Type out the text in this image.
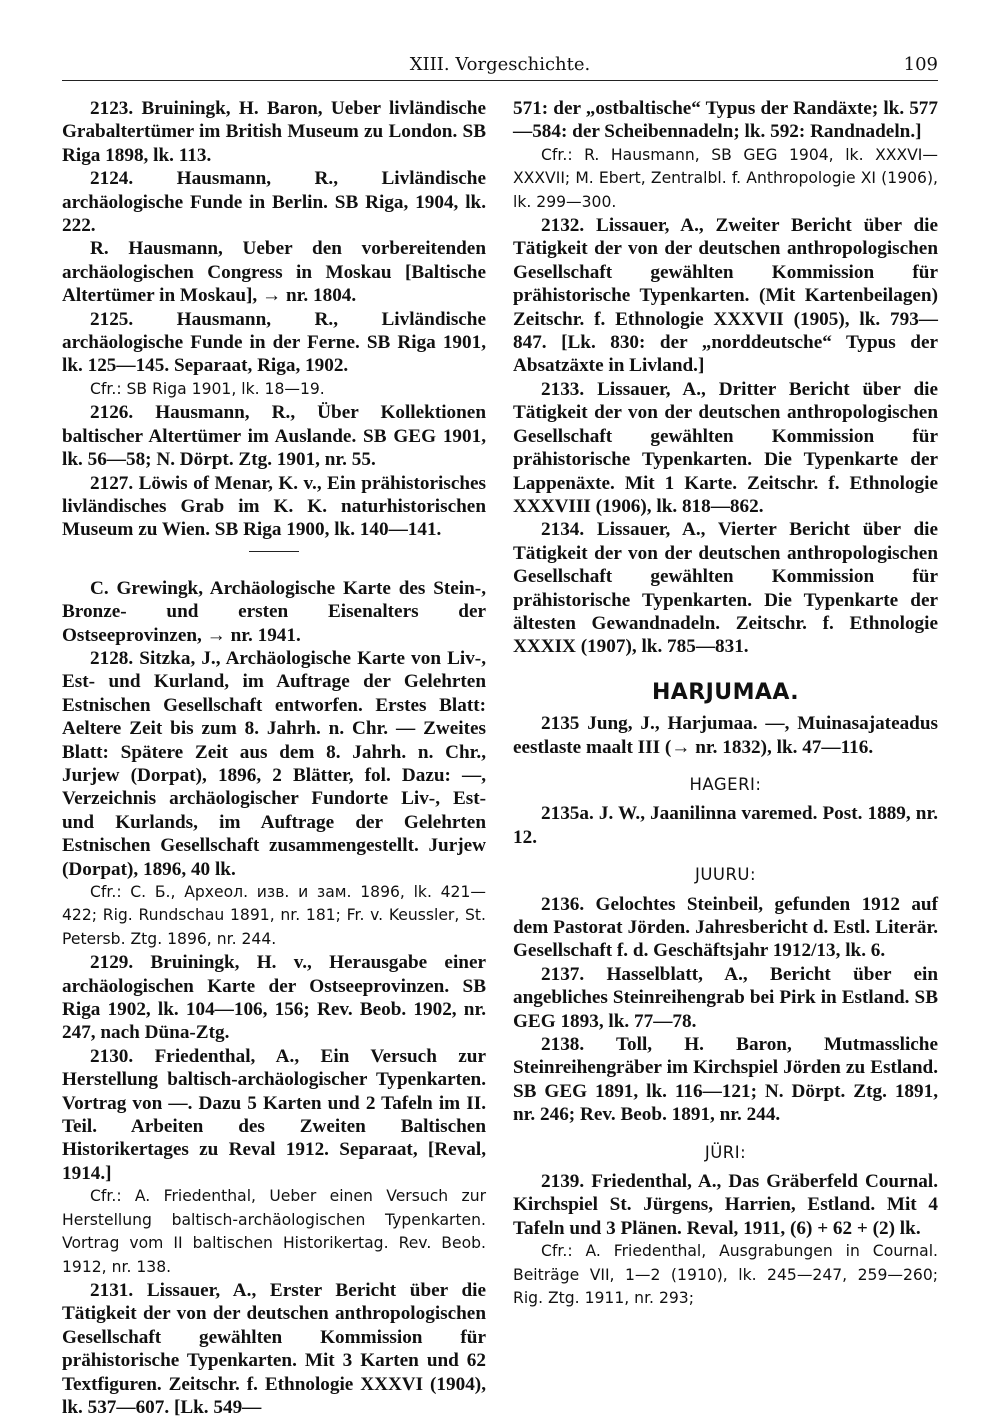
XIII. Vorgeschichte.	109

2123. Bruiningk, H. Baron, Ueber livländische Grabaltertümer im British Museum zu London. SB Riga 1898, lk. 113.

2124. Hausmann, R., Livländische archäologische Funde in Berlin. SB Riga, 1904, lk. 222.

R. Hausmann, Ueber den vorbereitenden archäologischen Congress in Moskau [Baltische Altertümer in Moskau], → nr. 1804.

2125. Hausmann, R., Livländische archäologische Funde in der Ferne. SB Riga 1901, lk. 125—145. Separaat, Riga, 1902.

Cfr.: SB Riga 1901, lk. 18—19.

2126. Hausmann, R., Über Kollektionen baltischer Altertümer im Auslande. SB GEG 1901, lk. 56—58; N. Dörpt. Ztg. 1901, nr. 55.

2127. Löwis of Menar, K. v., Ein prähistorisches livländisches Grab im K. K. naturhistorischen Museum zu Wien. SB Riga 1900, lk. 140—141.

C. Grewingk, Archäologische Karte des Stein-, Bronze- und ersten Eisenalters der Ostseeprovinzen, → nr. 1941.

2128. Sitzka, J., Archäologische Karte von Liv-, Est- und Kurland, im Auftrage der Gelehrten Estnischen Gesellschaft entworfen. Erstes Blatt: Aeltere Zeit bis zum 8. Jahrh. n. Chr. — Zweites Blatt: Spätere Zeit aus dem 8. Jahrh. n. Chr., Jurjew (Dorpat), 1896, 2 Blätter, fol. Dazu: —, Verzeichnis archäologischer Fundorte Liv-, Est- und Kurlands, im Auftrage der Gelehrten Estnischen Gesellschaft zusammengestellt. Jurjew (Dorpat), 1896, 40 lk.

Cfr.: С. Б., Археол. изв. и зам. 1896, lk. 421—422; Rig. Rundschau 1891, nr. 181; Fr. v. Keussler, St. Petersb. Ztg. 1896, nr. 244.

2129. Bruiningk, H. v., Herausgabe einer archäologischen Karte der Ostseeprovinzen. SB Riga 1902, lk. 104—106, 156; Rev. Beob. 1902, nr. 247, nach Düna-Ztg.

2130. Friedenthal, A., Ein Versuch zur Herstellung baltisch-archäologischer Typenkarten. Vortrag von —. Dazu 5 Karten und 2 Tafeln im II. Teil. Arbeiten des Zweiten Baltischen Historikertages zu Reval 1912. Separaat, [Reval, 1914.]

Cfr.: A. Friedenthal, Ueber einen Versuch zur Herstellung baltisch-archäologischen Typenkarten. Vortrag vom II baltischen Historikertag. Rev. Beob. 1912, nr. 138.

2131. Lissauer, A., Erster Bericht über die Tätigkeit der von der deutschen anthropologischen Gesellschaft gewählten Kommission für prähistorische Typenkarten. Mit 3 Karten und 62 Textfiguren. Zeitschr. f. Ethnologie XXXVI (1904), lk. 537—607. [Lk. 549—

571: der „ostbaltische“ Typus der Randäxte; lk. 577—584: der Scheibennadeln; lk. 592: Randnadeln.]

Cfr.: R. Hausmann, SB GEG 1904, lk. XXXVI—XXXVII; M. Ebert, Zentralbl. f. Anthropologie XI (1906), lk. 299—300.

2132. Lissauer, A., Zweiter Bericht über die Tätigkeit der von der deutschen anthropologischen Gesellschaft gewählten Kommission für prähistorische Typenkarten. (Mit Kartenbeilagen) Zeitschr. f. Ethnologie XXXVII (1905), lk. 793—847. [Lk. 830: der „norddeutsche“ Typus der Absatzäxte in Livland.]

2133. Lissauer, A., Dritter Bericht über die Tätigkeit der von der deutschen anthropologischen Gesellschaft gewählten Kommission für prähistorische Typenkarten. Die Typenkarte der Lappenäxte. Mit 1 Karte. Zeitschr. f. Ethnologie XXXVIII (1906), lk. 818—862.

2134. Lissauer, A., Vierter Bericht über die Tätigkeit der von der deutschen anthropologischen Gesellschaft gewählten Kommission für prähistorische Typenkarten. Die Typenkarte der ältesten Gewandnadeln. Zeitschr. f. Ethnologie XXXIX (1907), lk. 785—831.

HARJUMAA.

2135 Jung, J., Harjumaa. —, Muinasajateadus eestlaste maalt III (→ nr. 1832), lk. 47—116.

HAGERI:

2135a. J. W., Jaanilinna varemed. Post. 1889, nr. 12.

JUURU:

2136. Gelochtes Steinbeil, gefunden 1912 auf dem Pastorat Jörden. Jahresbericht d. Estl. Literär. Gesellschaft f. d. Geschäftsjahr 1912/13, lk. 6.

2137. Hasselblatt, A., Bericht über ein angebliches Steinreihengrab bei Pirk in Estland. SB GEG 1893, lk. 77—78.

2138. Toll, H. Baron, Mutmassliche Steinreihengräber im Kirchspiel Jörden zu Estland. SB GEG 1891, lk. 116—121; N. Dörpt. Ztg. 1891, nr. 246; Rev. Beob. 1891, nr. 244.

JÜRI:

2139. Friedenthal, A., Das Gräberfeld Cournal. Kirchspiel St. Jürgens, Harrien, Estland. Mit 4 Tafeln und 3 Plänen. Reval, 1911, (6) + 62 + (2) lk.

Cfr.: A. Friedenthal, Ausgrabungen in Cournal. Beiträge VII, 1—2 (1910), lk. 245—247, 259—260; Rig. Ztg. 1911, nr. 293;
